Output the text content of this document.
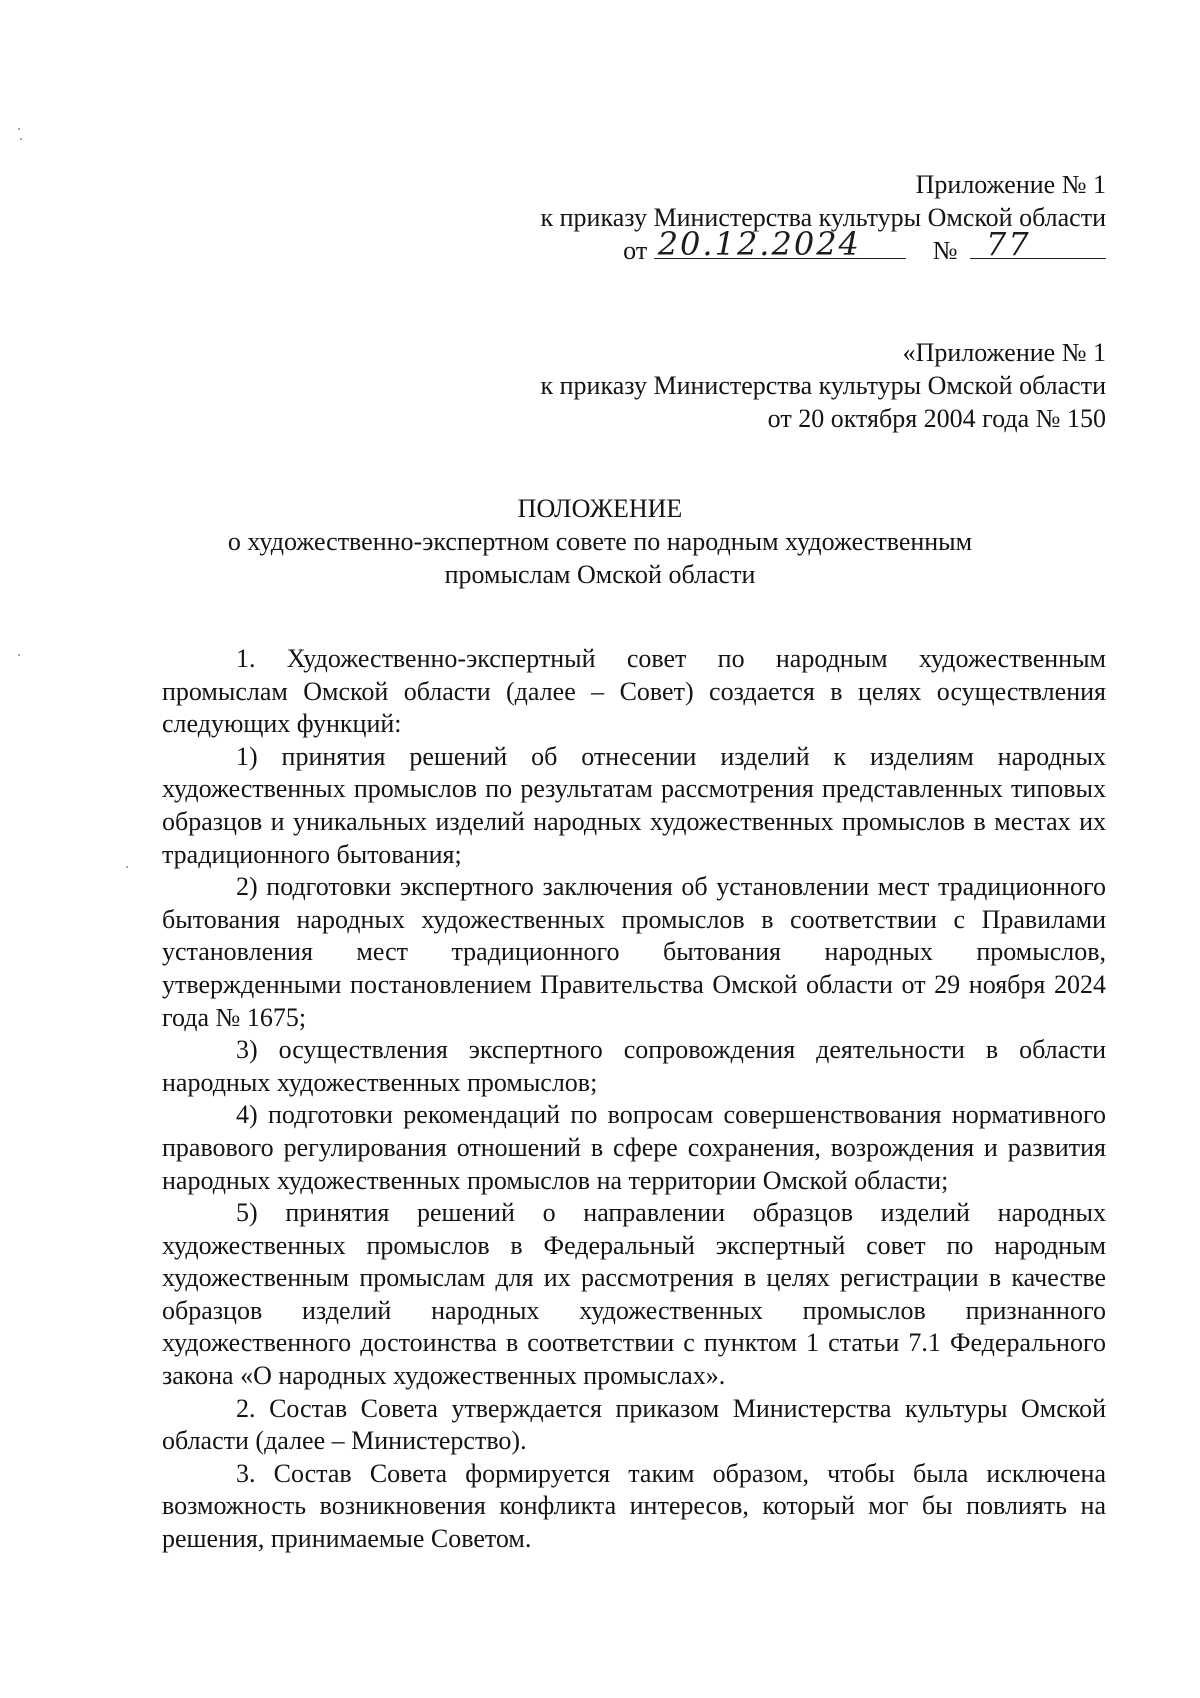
Приложение № 1
к приказу Министерства культуры Омской области
от 20.12.2024	№ 77
«Приложение № 1
к приказу Министерства культуры Омской области
от 20 октября 2004 года № 150
ПОЛОЖЕНИЕ
о художественно-экспертном совете по народным художественным
промыслам Омской области

1. Художественно-экспертный совет по народным художественным промыслам Омской области (далее – Совет) создается в целях осуществления следующих функций:

1) принятия решений об отнесении изделий к изделиям народных художественных промыслов по результатам рассмотрения представленных типовых образцов и уникальных изделий народных художественных промыслов в местах их традиционного бытования;

2) подготовки экспертного заключения об установлении мест традиционного бытования народных художественных промыслов в соответствии с Правилами установления мест традиционного бытования народных промыслов, утвержденными постановлением Правительства Омской области от 29 ноября 2024 года № 1675;

3) осуществления экспертного сопровождения деятельности в области народных художественных промыслов;

4) подготовки рекомендаций по вопросам совершенствования нормативного правового регулирования отношений в сфере сохранения, возрождения и развития народных художественных промыслов на территории Омской области;

5) принятия решений о направлении образцов изделий народных художественных промыслов в Федеральный экспертный совет по народным художественным промыслам для их рассмотрения в целях регистрации в качестве образцов изделий народных художественных промыслов признанного художественного достоинства в соответствии с пунктом 1 статьи 7.1 Федерального закона «О народных художественных промыслах».

2. Состав Совета утверждается приказом Министерства культуры Омской области (далее – Министерство).

3. Состав Совета формируется таким образом, чтобы была исключена возможность возникновения конфликта интересов, который мог бы повлиять на решения, принимаемые Советом.
